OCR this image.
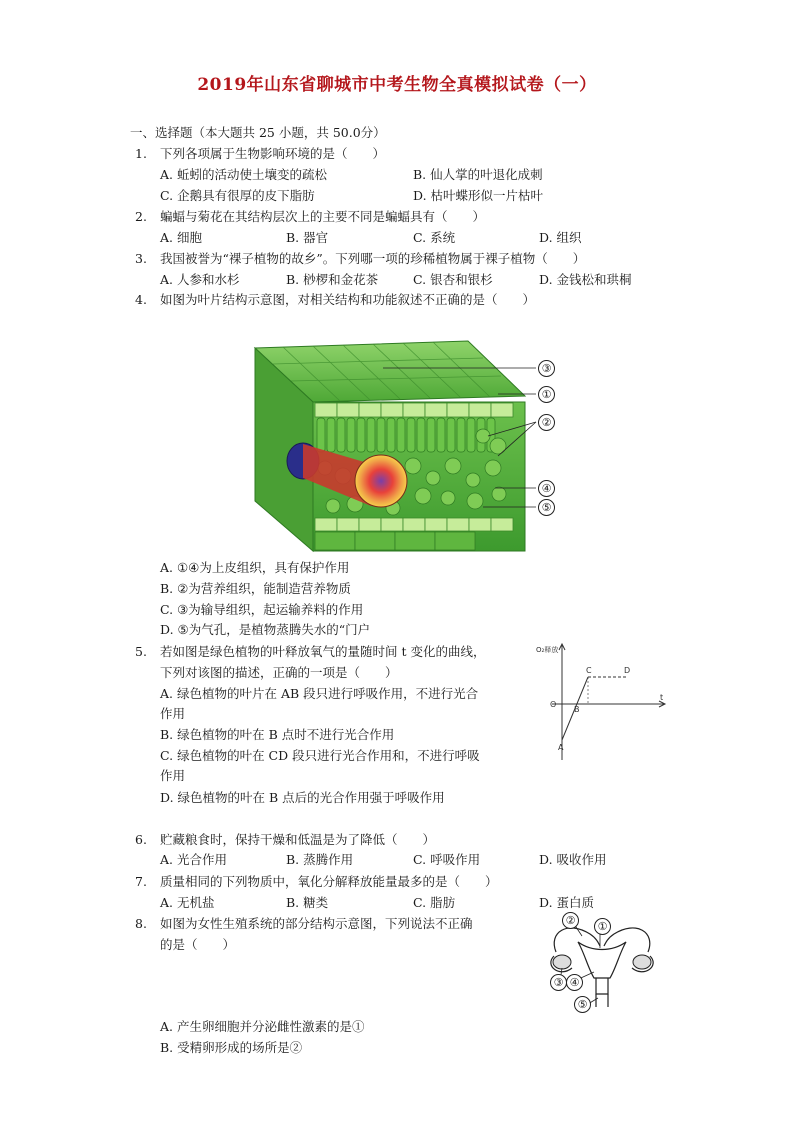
2019年山东省聊城市中考生物全真模拟试卷（一）
一、选择题（本大题共 25 小题，共 50.0分）
1. 下列各项属于生物影响环境的是（　　）
A. 蚯蚓的活动使土壤变的疏松	B. 仙人掌的叶退化成刺
C. 企鹅具有很厚的皮下脂肪	D. 枯叶蝶形似一片枯叶
2. 蝙蝠与菊花在其结构层次上的主要不同是蝙蝠具有（　　）
A. 细胞	B. 器官	C. 系统	D. 组织
3. 我国被誉为“裸子植物的故乡”。下列哪一项的珍稀植物属于裸子植物（　　）
A. 人参和水杉	B. 桫椤和金花茶	C. 银杏和银杉	D. 金钱松和珙桐
4. 如图为叶片结构示意图，对相关结构和功能叙述不正确的是（　　）
③
①
②
④
⑤
A. ①④为上皮组织，具有保护作用
B. ②为营养组织，能制造营养物质
C. ③为输导组织，起运输养料的作用
D. ⑤为气孔，是植物蒸腾失水的“门户
5. 若如图是绿色植物的叶释放氧气的量随时间 t 变化的曲线，
下列对该图的描述，正确的一项是（　　）
A. 绿色植物的叶片在 AB 段只进行呼吸作用，不进行光合
作用
B. 绿色植物的叶在 B 点时不进行光合作用
C. 绿色植物的叶在 CD 段只进行光合作用和，不进行呼吸
作用
D. 绿色植物的叶在 B 点后的光合作用强于呼吸作用
O₂释放
O
t
A
B
C	D
6. 贮藏粮食时，保持干燥和低温是为了降低（　　）
A. 光合作用	B. 蒸腾作用	C. 呼吸作用	D. 吸收作用
7. 质量相同的下列物质中，氧化分解释放能量最多的是（　　）
A. 无机盐	B. 糖类	C. 脂肪	D. 蛋白质
8. 如图为女性生殖系统的部分结构示意图，下列说法不正确
的是（　　）
②	①
③ ④
⑤
A. 产生卵细胞并分泌雌性激素的是①
B. 受精卵形成的场所是②
